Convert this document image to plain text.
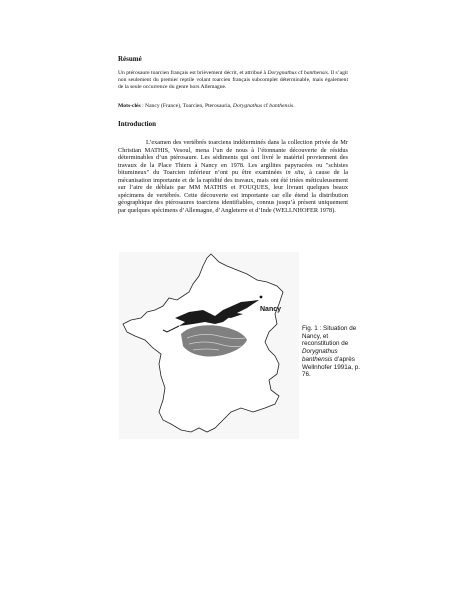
Résumé
Un ptérosaure toarcien français est brièvement décrit, et attribué à Dorygnathus cf banthensis. Il s’agit non seulement du premier reptile volant toarcien français subcomplet déterminable, mais également de la seule occurrence du genre hors Allemagne.
Mots-clés : Nancy (France), Toarcien, Pterosauria, Dorygnathus cf banthensis.
Introduction
L’examen des vertébrés toarciens indéterminés dans la collection privée de Mr Christian MATHIS, Vesoul, mena l’un de nous à l’étonnante découverte de résidus déterminables d’un ptérosaure. Les sédiments qui ont livré le matériel proviennent des travaux de la Place Thiers à Nancy en 1978. Les argilites papyracées ou "schistes bitumineux" du Toarcien inférieur n’ont pu être examinées in situ, à cause de la mécanisation importante et de la rapidité des travaux, mais ont été triées méticuleusement sur l’aire de déblais par MM MATHIS et FOUQUES, leur livrant quelques beaux spécimens de vertébrés. Cette découverte est importante car elle étend la distribution géographique des ptérosaures toarciens identifiables, connus jusqu’à présent uniquement par quelques spécimens d’Allemagne, d’Angleterre et d’Inde (WELLNHOFER 1978).
Nancy
Fig. 1 : Situation de Nancy, et reconstitution de Dorygnathus banthensis d’après Wellnhofer 1991a, p. 76.
